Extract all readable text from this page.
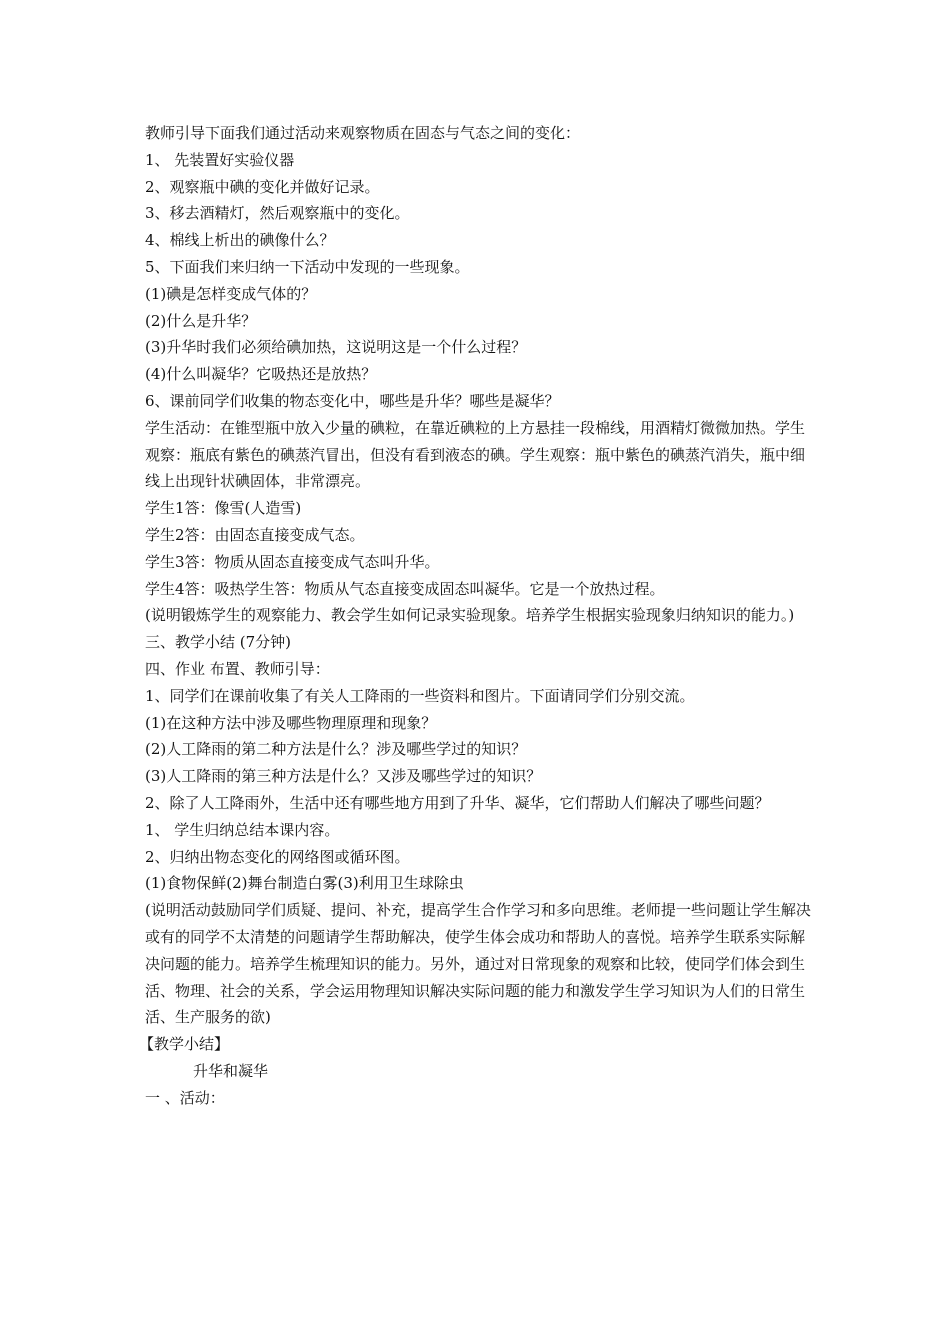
教师引导下面我们通过活动来观察物质在固态与气态之间的变化：

1、 先装置好实验仪器

2、观察瓶中碘的变化并做好记录。

3、移去酒精灯，然后观察瓶中的变化。

4、棉线上析出的碘像什么？

5、下面我们来归纳一下活动中发现的一些现象。

(1)碘是怎样变成气体的？

(2)什么是升华？

(3)升华时我们必须给碘加热，这说明这是一个什么过程？

(4)什么叫凝华？它吸热还是放热？

6、课前同学们收集的物态变化中，哪些是升华？哪些是凝华？

学生活动：在锥型瓶中放入少量的碘粒，在靠近碘粒的上方悬挂一段棉线，用酒精灯微微加热。学生观察：瓶底有紫色的碘蒸汽冒出，但没有看到液态的碘。学生观察：瓶中紫色的碘蒸汽消失，瓶中细线上出现针状碘固体，非常漂亮。

学生1答：像雪(人造雪)

学生2答：由固态直接变成气态。

学生3答：物质从固态直接变成气态叫升华。

学生4答：吸热学生答：物质从气态直接变成固态叫凝华。它是一个放热过程。

(说明锻炼学生的观察能力、教会学生如何记录实验现象。培养学生根据实验现象归纳知识的能力。)

三、教学小结 (7分钟)

四、作业 布置、教师引导：

1、同学们在课前收集了有关人工降雨的一些资料和图片。下面请同学们分别交流。

(1)在这种方法中涉及哪些物理原理和现象？

(2)人工降雨的第二种方法是什么？涉及哪些学过的知识？

(3)人工降雨的第三种方法是什么？又涉及哪些学过的知识？

2、除了人工降雨外，生活中还有哪些地方用到了升华、凝华，它们帮助人们解决了哪些问题？

1、 学生归纳总结本课内容。

2、归纳出物态变化的网络图或循环图。

(1)食物保鲜(2)舞台制造白雾(3)利用卫生球除虫

(说明活动鼓励同学们质疑、提问、补充，提高学生合作学习和多向思维。老师提一些问题让学生解决或有的同学不太清楚的问题请学生帮助解决，使学生体会成功和帮助人的喜悦。培养学生联系实际解决问题的能力。培养学生梳理知识的能力。另外，通过对日常现象的观察和比较，使同学们体会到生活、物理、社会的关系，学会运用物理知识解决实际问题的能力和激发学生学习知识为人们的日常生活、生产服务的欲)

【教学小结】

升华和凝华

一 、活动：
